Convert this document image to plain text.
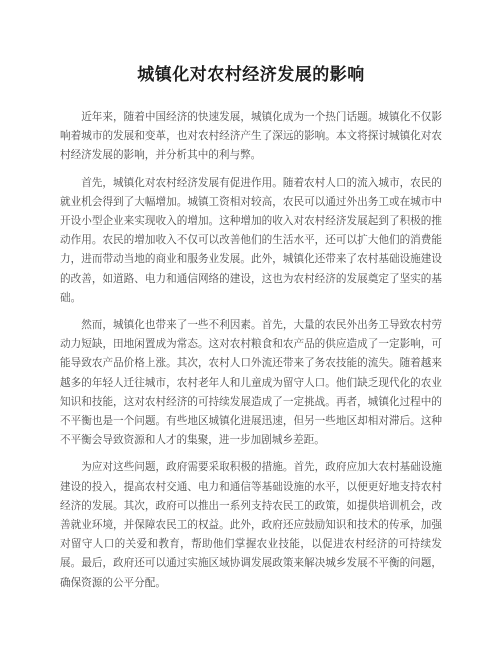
城镇化对农村经济发展的影响

近年来，随着中国经济的快速发展，城镇化成为一个热门话题。城镇化不仅影响着城市的发展和变革，也对农村经济产生了深远的影响。本文将探讨城镇化对农村经济发展的影响，并分析其中的利与弊。

首先，城镇化对农村经济发展有促进作用。随着农村人口的流入城市，农民的就业机会得到了大幅增加。城镇工资相对较高，农民可以通过外出务工或在城市中开设小型企业来实现收入的增加。这种增加的收入对农村经济发展起到了积极的推动作用。农民的增加收入不仅可以改善他们的生活水平，还可以扩大他们的消费能力，进而带动当地的商业和服务业发展。此外，城镇化还带来了农村基础设施建设的改善，如道路、电力和通信网络的建设，这也为农村经济的发展奠定了坚实的基础。

然而，城镇化也带来了一些不利因素。首先，大量的农民外出务工导致农村劳动力短缺，田地闲置成为常态。这对农村粮食和农产品的供应造成了一定影响，可能导致农产品价格上涨。其次，农村人口外流还带来了务农技能的流失。随着越来越多的年轻人迁往城市，农村老年人和儿童成为留守人口。他们缺乏现代化的农业知识和技能，这对农村经济的可持续发展造成了一定挑战。再者，城镇化过程中的不平衡也是一个问题。有些地区城镇化进展迅速，但另一些地区却相对滞后。这种不平衡会导致资源和人才的集聚，进一步加剧城乡差距。

为应对这些问题，政府需要采取积极的措施。首先，政府应加大农村基础设施建设的投入，提高农村交通、电力和通信等基础设施的水平，以便更好地支持农村经济的发展。其次，政府可以推出一系列支持农民工的政策，如提供培训机会，改善就业环境，并保障农民工的权益。此外，政府还应鼓励知识和技术的传承，加强对留守人口的关爱和教育，帮助他们掌握农业技能，以促进农村经济的可持续发展。最后，政府还可以通过实施区域协调发展政策来解决城乡发展不平衡的问题，确保资源的公平分配。
